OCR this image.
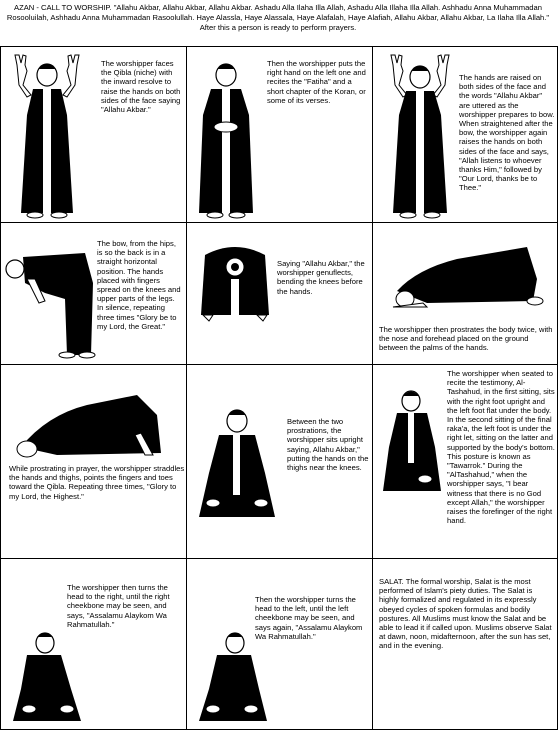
AZAN - CALL TO WORSHIP. "Allahu Akbar, Allahu Akbar, Allahu Akbar. Ashadu Alla Ilaha Illa Allah, Ashadu Alla Illaha Illa Allah. Ashhadu Anna Muhammadan Rosooluilah, Ashhadu Anna Muhammadan Rasoolullah. Haye Alassla, Haye Alassala, Haye Alafalah, Haye Alafiah, Allahu Akbar, Allahu Akbar, La Ilaha Illa Allah." After this a person is ready to perform prayers.
The worshipper faces the Qibla (niche) with the inward resolve to raise the hands on both sides of the face saying "Allahu Akbar."
Then the worshipper puts the right hand on the left one and recites the "Fatiha" and a short chapter of the Koran, or some of its verses.
The hands are raised on both sides of the face and the words "Allahu Akbar" are uttered as the worshipper prepares to bow. When straightened after the bow, the worshipper again raises the hands on both sides of the face and says, "Allah listens to whoever thanks Him," followed by "Our Lord, thanks be to Thee."
The bow, from the hips, is so the back is in a straight horizontal position. The hands placed with fingers spread on the knees and upper parts of the legs. In silence, repeating three times "Glory be to my Lord, the Great."
Saying "Allahu Akbar," the worshipper genuflects, bending the knees before the hands.
The worshipper then prostrates the body twice, with the nose and forehead placed on the ground between the palms of the hands.
While prostrating in prayer, the worshipper straddles the hands and thighs, points the fingers and toes toward the Qibla. Repeating three times, "Glory to my Lord, the Highest."
Between the two prostrations, the worshipper sits upright saying, Allahu Akbar," putting the hands on the thighs near the knees.
The worshipper when seated to recite the testimony, Al-Tashahud, in the first sitting, sits with the right foot upright and the left foot flat under the body. In the second sitting of the final raka'a, the left foot is under the right let, sitting on the latter and supported by the body's bottom. This posture is known as "Tawarrok." During the "AlTashahud," when the worshipper says, "I bear witness that there is no God except Allah," the worshipper raises the forefinger of the right hand.
The worshipper then turns the head to the right, until the right cheekbone may be seen, and says, "Assalamu Alaykom Wa Rahmatullah."
Then the worshipper turns the head to the left, until the left cheekbone may be seen, and says again, "Assalamu Alaykom Wa Rahmatullah."
SALAT. The formal worship, Salat is the most performed of Islam's piety duties. The Salat is highly formalized and regulated in its expressly obeyed cycles of spoken formulas and bodily postures. All Muslims must know the Salat and be able to lead it if called upon. Muslims observe Salat at dawn, noon, midafternoon, after the sun has set, and in the evening.
